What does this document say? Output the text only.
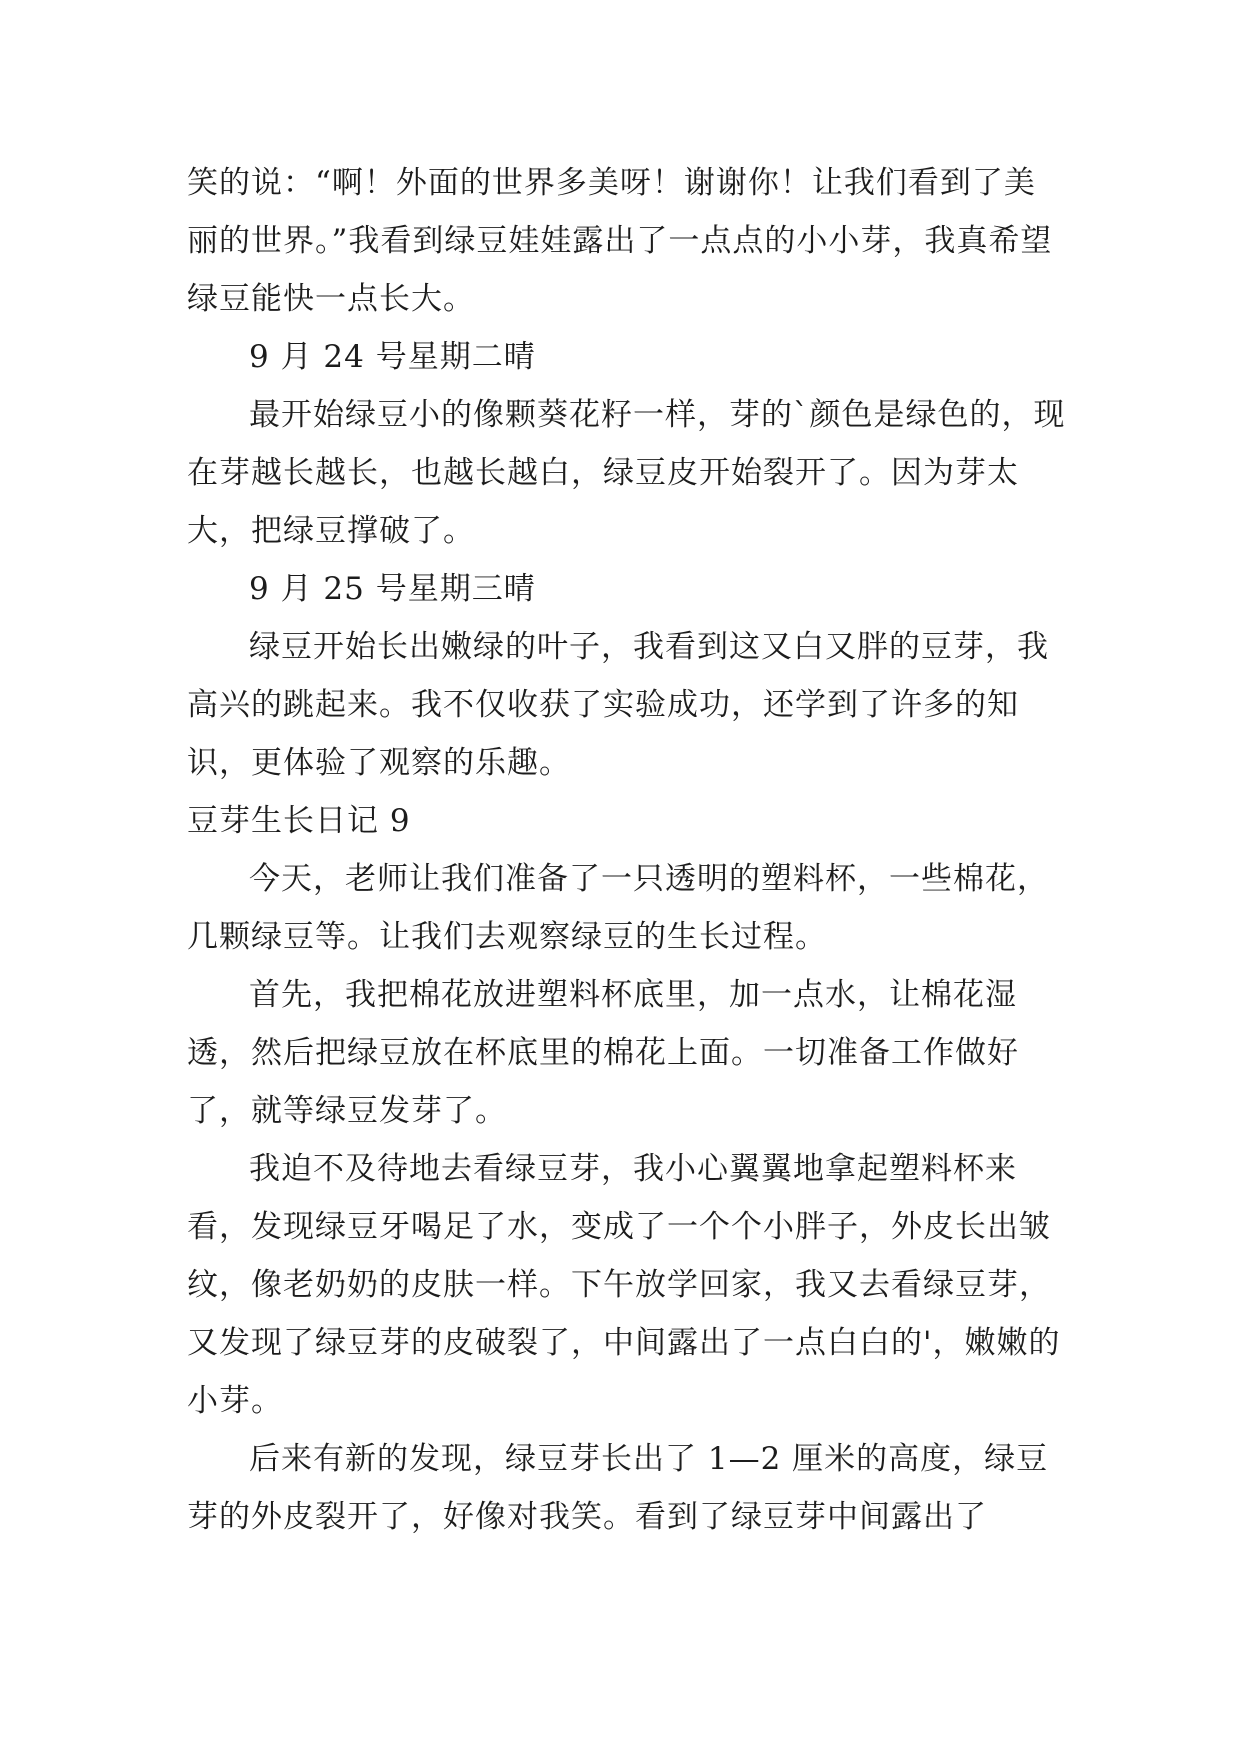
笑的说：“啊！外面的世界多美呀！谢谢你！让我们看到了美丽的世界。”我看到绿豆娃娃露出了一点点的小小芽，我真希望绿豆能快一点长大。

9 月 24 号星期二晴

最开始绿豆小的像颗葵花籽一样，芽的`颜色是绿色的，现在芽越长越长，也越长越白，绿豆皮开始裂开了。因为芽太大，把绿豆撑破了。

9 月 25 号星期三晴

绿豆开始长出嫩绿的叶子，我看到这又白又胖的豆芽，我高兴的跳起来。我不仅收获了实验成功，还学到了许多的知识，更体验了观察的乐趣。

豆芽生长日记 9

今天，老师让我们准备了一只透明的塑料杯，一些棉花，几颗绿豆等。让我们去观察绿豆的生长过程。

首先，我把棉花放进塑料杯底里，加一点水，让棉花湿透，然后把绿豆放在杯底里的棉花上面。一切准备工作做好了，就等绿豆发芽了。

我迫不及待地去看绿豆芽，我小心翼翼地拿起塑料杯来看，发现绿豆牙喝足了水，变成了一个个小胖子，外皮长出皱纹，像老奶奶的皮肤一样。下午放学回家，我又去看绿豆芽，又发现了绿豆芽的皮破裂了，中间露出了一点白白的'，嫩嫩的小芽。

后来有新的发现，绿豆芽长出了 1—2 厘米的高度，绿豆芽的外皮裂开了，好像对我笑。看到了绿豆芽中间露出了
